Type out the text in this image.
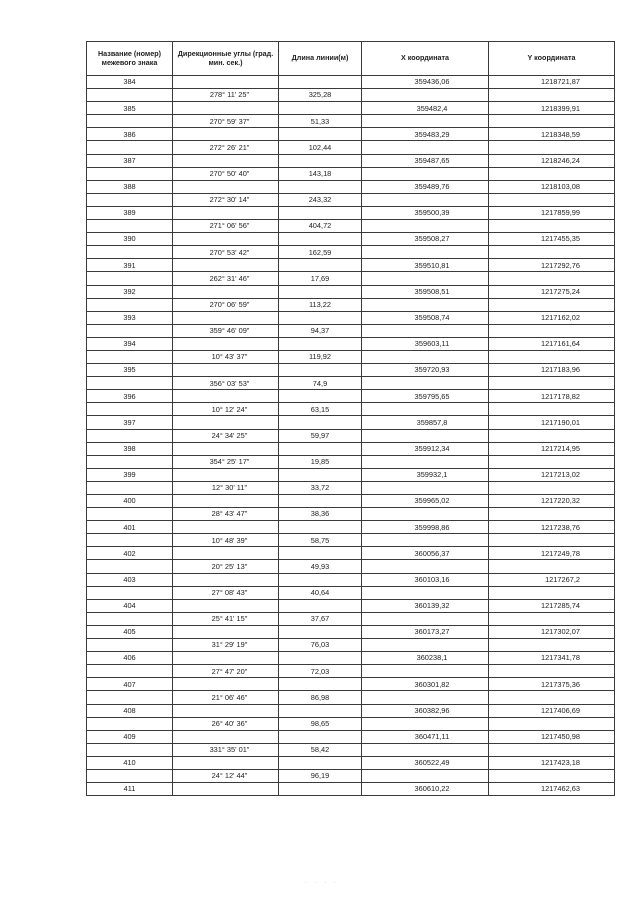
Название (номер) межевого знака	Дирекционные углы (град. мин. сек.)	Длина линии(м)	X координата	Y координата
384			359436,06	1218721,87
	278° 11' 25"	325,28		
385			359482,4	1218399,91
	270° 59' 37"	51,33		
386			359483,29	1218348,59
	272° 26' 21"	102,44		
387			359487,65	1218246,24
	270° 50' 40"	143,18		
388			359489,76	1218103,08
	272° 30' 14"	243,32		
389			359500,39	1217859,99
	271° 06' 56"	404,72		
390			359508,27	1217455,35
	270° 53' 42"	162,59		
391			359510,81	1217292,76
	262° 31' 46"	17,69		
392			359508,51	1217275,24
	270° 06' 59"	113,22		
393			359508,74	1217162,02
	359° 46' 09"	94,37		
394			359603,11	1217161,64
	10° 43' 37"	119,92		
395			359720,93	1217183,96
	356° 03' 53"	74,9		
396			359795,65	1217178,82
	10° 12' 24"	63,15		
397			359857,8	1217190,01
	24° 34' 25"	59,97		
398			359912,34	1217214,95
	354° 25' 17"	19,85		
399			359932,1	1217213,02
	12° 30' 11"	33,72		
400			359965,02	1217220,32
	28° 43' 47"	38,36		
401			359998,86	1217238,76
	10° 48' 39"	58,75		
402			360056,37	1217249,78
	20° 25' 13"	49,93		
403			360103,16	1217267,2
	27° 08' 43"	40,64		
404			360139,32	1217285,74
	25° 41' 15"	37,67		
405			360173,27	1217302,07
	31° 29' 19"	76,03		
406			360238,1	1217341,78
	27° 47' 20"	72,03		
407			360301,82	1217375,36
	21° 06' 46"	86,98		
408			360382,96	1217406,69
	26° 40' 36"	98,65		
409			360471,11	1217450,98
	331° 35' 01"	58,42		
410			360522,49	1217423,18
	24° 12' 44"	96,19		
411			360610,22	1217462,63
· · · ·
